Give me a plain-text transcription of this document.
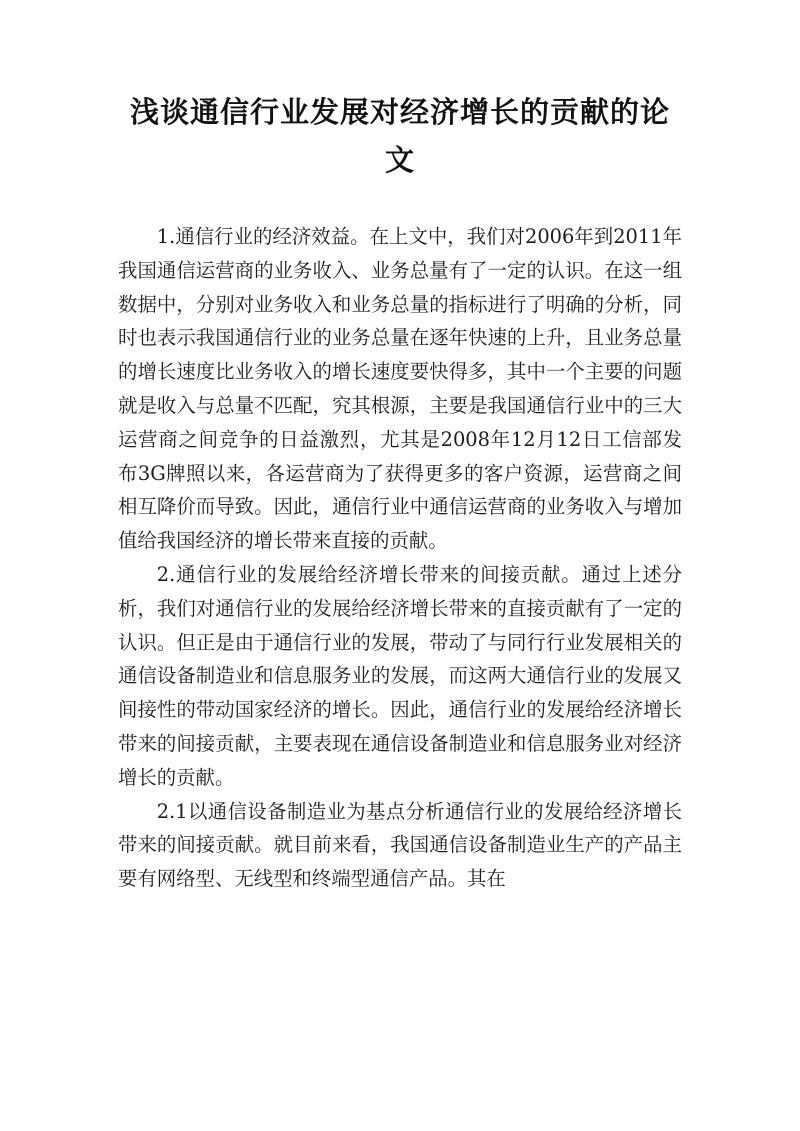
浅谈通信行业发展对经济增长的贡献的论文

1.通信行业的经济效益。在上文中，我们对2006年到2011年我国通信运营商的业务收入、业务总量有了一定的认识。在这一组数据中，分别对业务收入和业务总量的指标进行了明确的分析，同时也表示我国通信行业的业务总量在逐年快速的上升，且业务总量的增长速度比业务收入的增长速度要快得多，其中一个主要的问题就是收入与总量不匹配，究其根源，主要是我国通信行业中的三大运营商之间竞争的日益激烈，尤其是2008年12月12日工信部发布3G牌照以来，各运营商为了获得更多的客户资源，运营商之间相互降价而导致。因此，通信行业中通信运营商的业务收入与增加值给我国经济的增长带来直接的贡献。

2.通信行业的发展给经济增长带来的间接贡献。通过上述分析，我们对通信行业的发展给经济增长带来的直接贡献有了一定的认识。但正是由于通信行业的发展，带动了与同行行业发展相关的通信设备制造业和信息服务业的发展，而这两大通信行业的发展又间接性的带动国家经济的增长。因此，通信行业的发展给经济增长带来的间接贡献，主要表现在通信设备制造业和信息服务业对经济增长的贡献。

2.1以通信设备制造业为基点分析通信行业的发展给经济增长带来的间接贡献。就目前来看，我国通信设备制造业生产的产品主要有网络型、无线型和终端型通信产品。其在
